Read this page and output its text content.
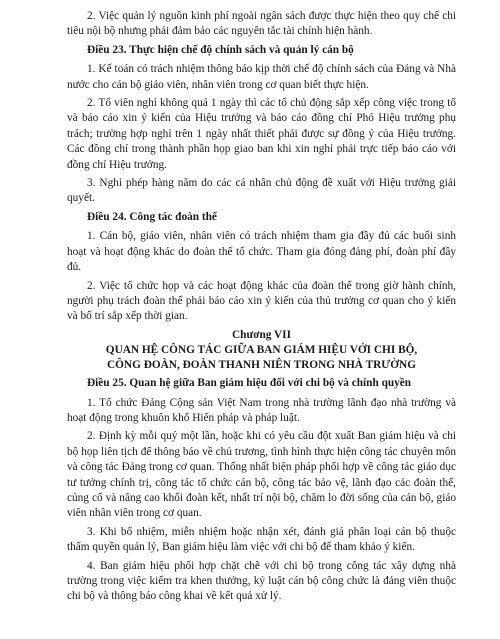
2. Việc quản lý nguồn kinh phí ngoài ngân sách được thực hiện theo quy chế chi tiêu nội bộ nhưng phải đảm bảo các nguyên tắc tài chính hiện hành.

Điều 23. Thực hiện chế độ chính sách và quản lý cán bộ

1. Kế toán có trách nhiệm thông báo kịp thời chế độ chính sách của Đảng và Nhà nước cho cán bộ giáo viên, nhân viên trong cơ quan biết thực hiện.

2. Tổ viên nghỉ không quá 1 ngày thì các tổ chủ động sắp xếp công việc trong tổ và báo cáo xin ý kiến của Hiệu trưởng và báo cáo đồng chí Phó Hiệu trưởng phụ trách; trường hợp nghỉ trên 1 ngày nhất thiết phải được sự đồng ý của Hiệu trưởng. Các đồng chí trong thành phần họp giao ban khi xin nghỉ phải trực tiếp báo cáo với đồng chí Hiệu trưởng.

3. Nghỉ phép hàng năm do các cá nhân chủ động đề xuất với Hiệu trưởng giải quyết.

Điều 24. Công tác đoàn thể

1. Cán bộ, giáo viên, nhân viên có trách nhiệm tham gia đầy đủ các buổi sinh hoạt và hoạt động khác do đoàn thể tổ chức. Tham gia đóng đảng phí, đoàn phí đầy đủ.

2. Việc tổ chức họp và các hoạt động khác của đoàn thể trong giờ hành chính, người phụ trách đoàn thể phải báo cáo xin ý kiến của thủ trưởng cơ quan cho ý kiến và bố trí sắp xếp thời gian.

Chương VII

QUAN HỆ CÔNG TÁC GIỮA BAN GIÁM HIỆU VỚI CHI BỘ,

CÔNG ĐOÀN, ĐOÀN THANH NIÊN TRONG NHÀ TRƯỜNG

Điều 25. Quan hệ giữa Ban giám hiệu đối với chi bộ và chính quyền

1. Tổ chức Đảng Cộng sản Việt Nam trong nhà trường lãnh đạo nhà trường và hoạt động trong khuôn khổ Hiến pháp và pháp luật.

2. Định kỳ mỗi quý một lần, hoặc khi có yêu cầu đột xuất Ban giám hiệu và chi bộ họp liên tịch để thông báo về chủ trương, tình hình thực hiện công tác chuyên môn và công tác Đảng trong cơ quan. Thống nhất biện pháp phối hợp về công tác giáo dục tư tưởng chính trị, công tác tổ chức cán bộ, công tác bảo vệ, lãnh đạo các đoàn thể, củng cố và nâng cao khối đoàn kết, nhất trí nội bộ, chăm lo đời sống của cán bộ, giáo viên nhân viên trong cơ quan.

3. Khi bổ nhiệm, miễn nhiệm hoặc nhận xét, đánh giá phân loại cán bộ thuộc thẩm quyền quản lý, Ban giám hiệu làm việc với chi bộ để tham khảo ý kiến.

4. Ban giám hiệu phối hợp chặt chẽ với chi bộ trong công tác xây dựng nhà trường trong việc kiểm tra khen thưởng, kỷ luật cán bộ công chức là đảng viên thuộc chi bộ và thông báo công khai về kết quả xử lý.
